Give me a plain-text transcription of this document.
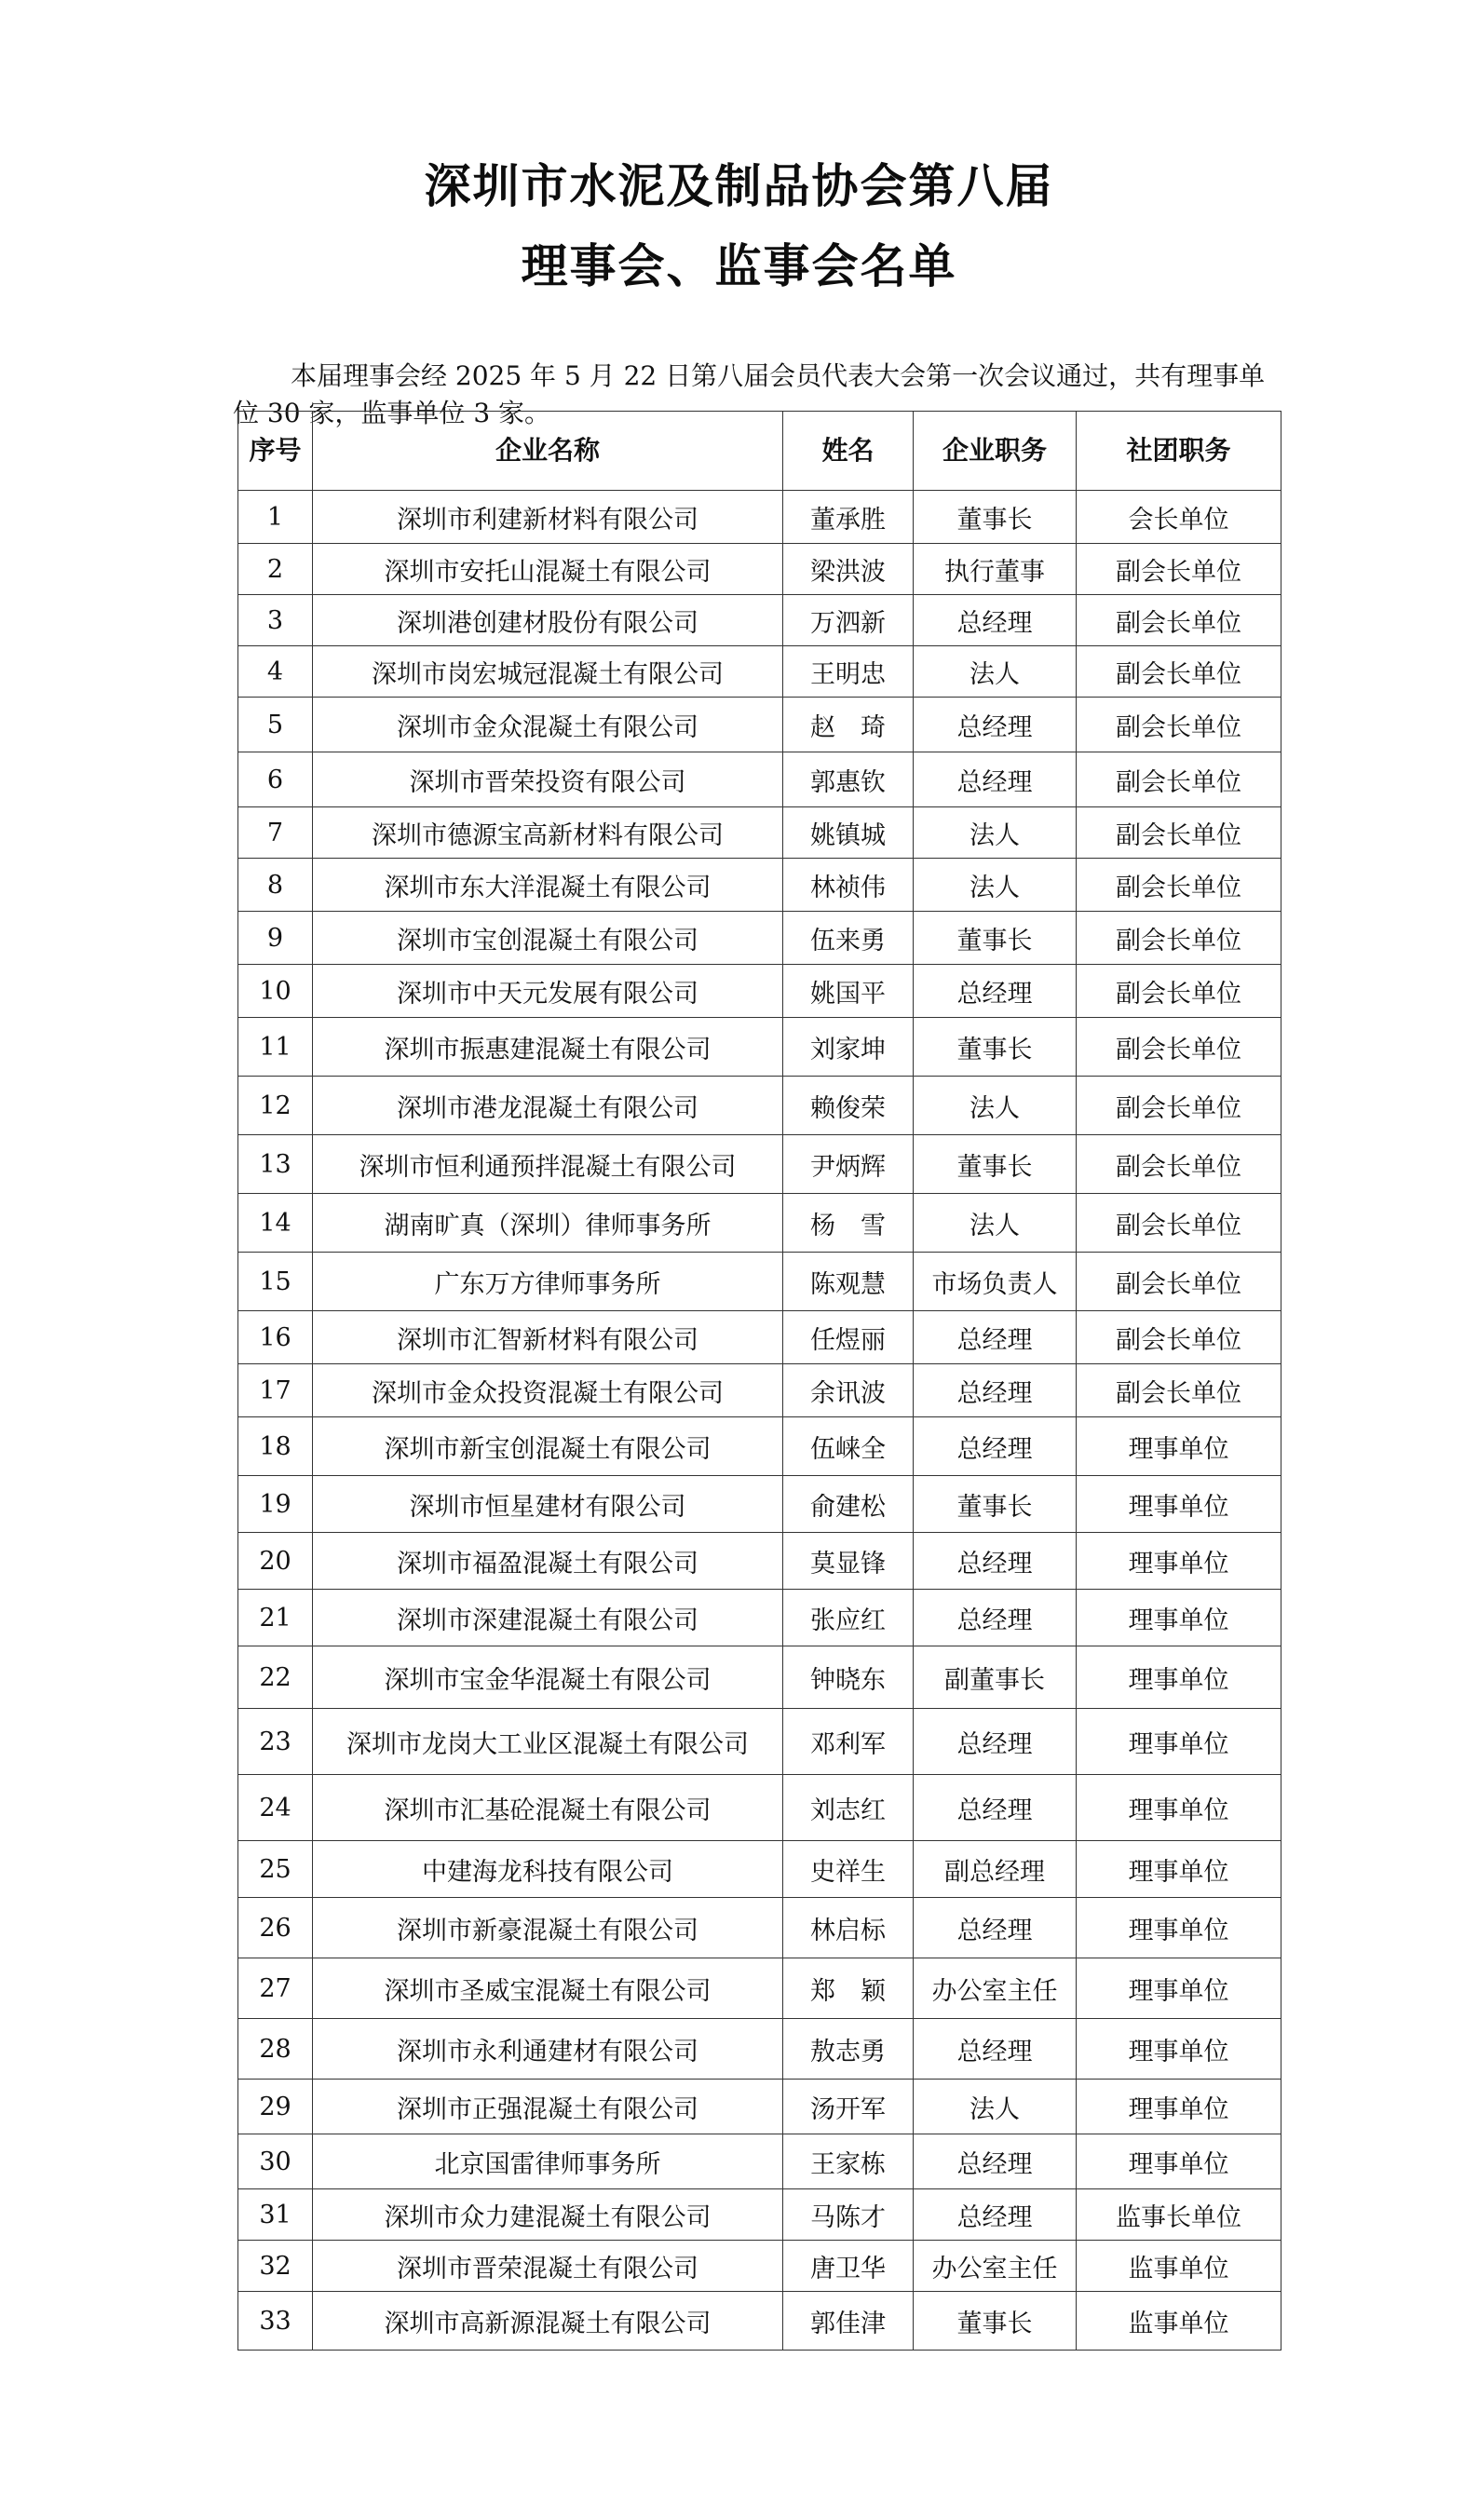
深圳市水泥及制品协会第八届
理事会、监事会名单

本届理事会经 2025 年 5 月 22 日第八届会员代表大会第一次会议通过，共有理事单位 30 家，监事单位 3 家。

序号	企业名称	姓名	企业职务	社团职务
1	深圳市利建新材料有限公司	董承胜	董事长	会长单位
2	深圳市安托山混凝土有限公司	梁洪波	执行董事	副会长单位
3	深圳港创建材股份有限公司	万泗新	总经理	副会长单位
4	深圳市岗宏城冠混凝土有限公司	王明忠	法人	副会长单位
5	深圳市金众混凝土有限公司	赵　琦	总经理	副会长单位
6	深圳市晋荣投资有限公司	郭惠钦	总经理	副会长单位
7	深圳市德源宝高新材料有限公司	姚镇城	法人	副会长单位
8	深圳市东大洋混凝土有限公司	林祯伟	法人	副会长单位
9	深圳市宝创混凝土有限公司	伍来勇	董事长	副会长单位
10	深圳市中天元发展有限公司	姚国平	总经理	副会长单位
11	深圳市振惠建混凝土有限公司	刘家坤	董事长	副会长单位
12	深圳市港龙混凝土有限公司	赖俊荣	法人	副会长单位
13	深圳市恒利通预拌混凝土有限公司	尹炳辉	董事长	副会长单位
14	湖南旷真（深圳）律师事务所	杨　雪	法人	副会长单位
15	广东万方律师事务所	陈观慧	市场负责人	副会长单位
16	深圳市汇智新材料有限公司	任煜丽	总经理	副会长单位
17	深圳市金众投资混凝土有限公司	余讯波	总经理	副会长单位
18	深圳市新宝创混凝土有限公司	伍崃全	总经理	理事单位
19	深圳市恒星建材有限公司	俞建松	董事长	理事单位
20	深圳市福盈混凝土有限公司	莫显锋	总经理	理事单位
21	深圳市深建混凝土有限公司	张应红	总经理	理事单位
22	深圳市宝金华混凝土有限公司	钟晓东	副董事长	理事单位
23	深圳市龙岗大工业区混凝土有限公司	邓利军	总经理	理事单位
24	深圳市汇基砼混凝土有限公司	刘志红	总经理	理事单位
25	中建海龙科技有限公司	史祥生	副总经理	理事单位
26	深圳市新豪混凝土有限公司	林启标	总经理	理事单位
27	深圳市圣威宝混凝土有限公司	郑　颖	办公室主任	理事单位
28	深圳市永利通建材有限公司	敖志勇	总经理	理事单位
29	深圳市正强混凝土有限公司	汤开军	法人	理事单位
30	北京国雷律师事务所	王家栋	总经理	理事单位
31	深圳市众力建混凝土有限公司	马陈才	总经理	监事长单位
32	深圳市晋荣混凝土有限公司	唐卫华	办公室主任	监事单位
33	深圳市高新源混凝土有限公司	郭佳津	董事长	监事单位
